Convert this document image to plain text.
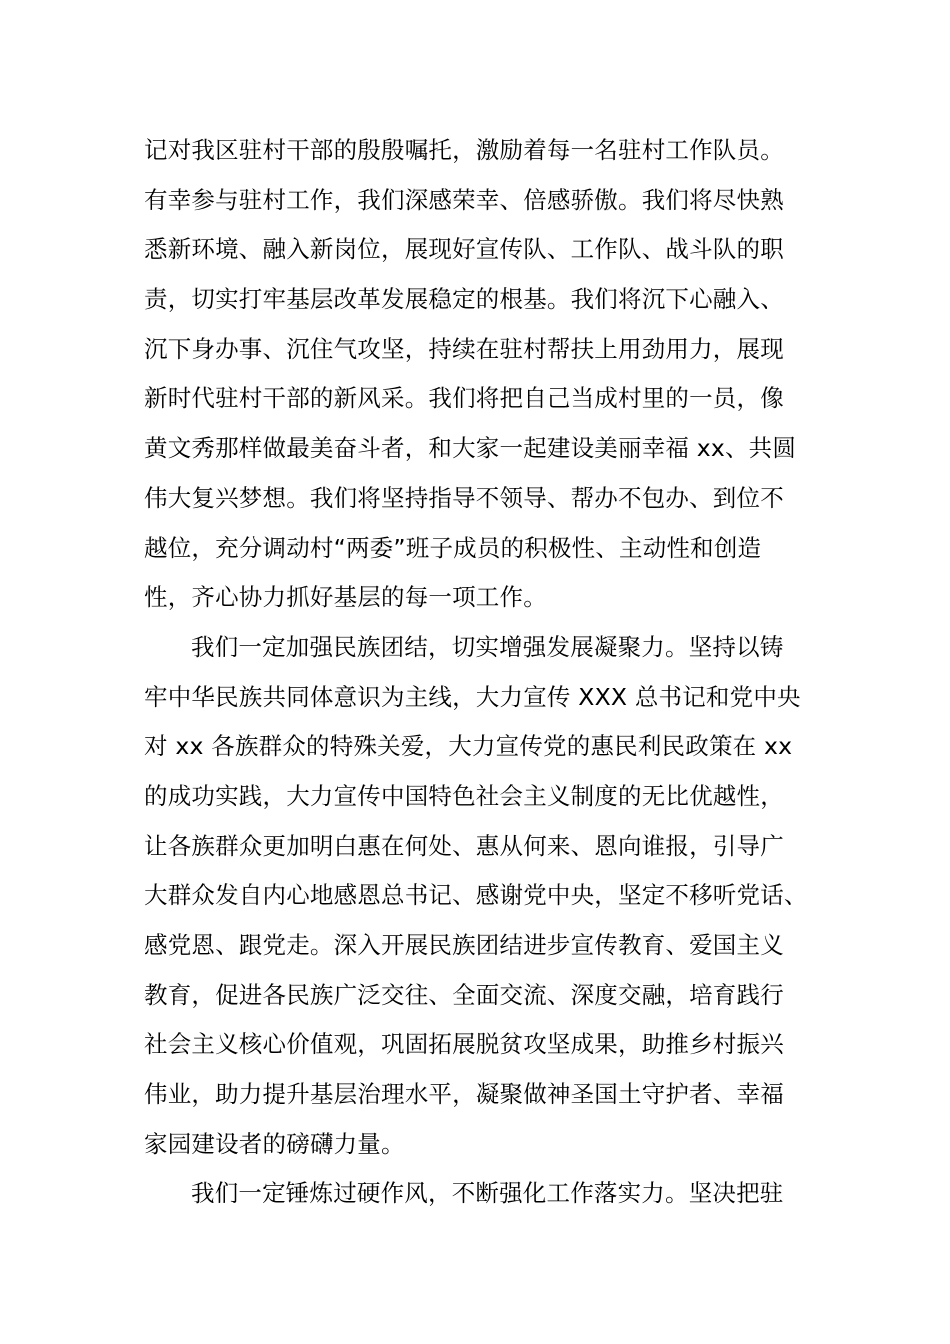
记对我区驻村干部的殷殷嘱托，激励着每一名驻村工作队员。
有幸参与驻村工作，我们深感荣幸、倍感骄傲。我们将尽快熟
悉新环境、融入新岗位，展现好宣传队、工作队、战斗队的职
责，切实打牢基层改革发展稳定的根基。我们将沉下心融入、
沉下身办事、沉住气攻坚，持续在驻村帮扶上用劲用力，展现
新时代驻村干部的新风采。我们将把自己当成村里的一员，像
黄文秀那样做最美奋斗者，和大家一起建设美丽幸福 xx、共圆
伟大复兴梦想。我们将坚持指导不领导、帮办不包办、到位不
越位，充分调动村“两委”班子成员的积极性、主动性和创造
性，齐心协力抓好基层的每一项工作。
我们一定加强民族团结，切实增强发展凝聚力。坚持以铸
牢中华民族共同体意识为主线，大力宣传 XXX 总书记和党中央
对 xx 各族群众的特殊关爱，大力宣传党的惠民利民政策在 xx
的成功实践，大力宣传中国特色社会主义制度的无比优越性，
让各族群众更加明白惠在何处、惠从何来、恩向谁报，引导广
大群众发自内心地感恩总书记、感谢党中央，坚定不移听党话、
感党恩、跟党走。深入开展民族团结进步宣传教育、爱国主义
教育，促进各民族广泛交往、全面交流、深度交融，培育践行
社会主义核心价值观，巩固拓展脱贫攻坚成果，助推乡村振兴
伟业，助力提升基层治理水平，凝聚做神圣国土守护者、幸福
家园建设者的磅礴力量。
我们一定锤炼过硬作风，不断强化工作落实力。坚决把驻
